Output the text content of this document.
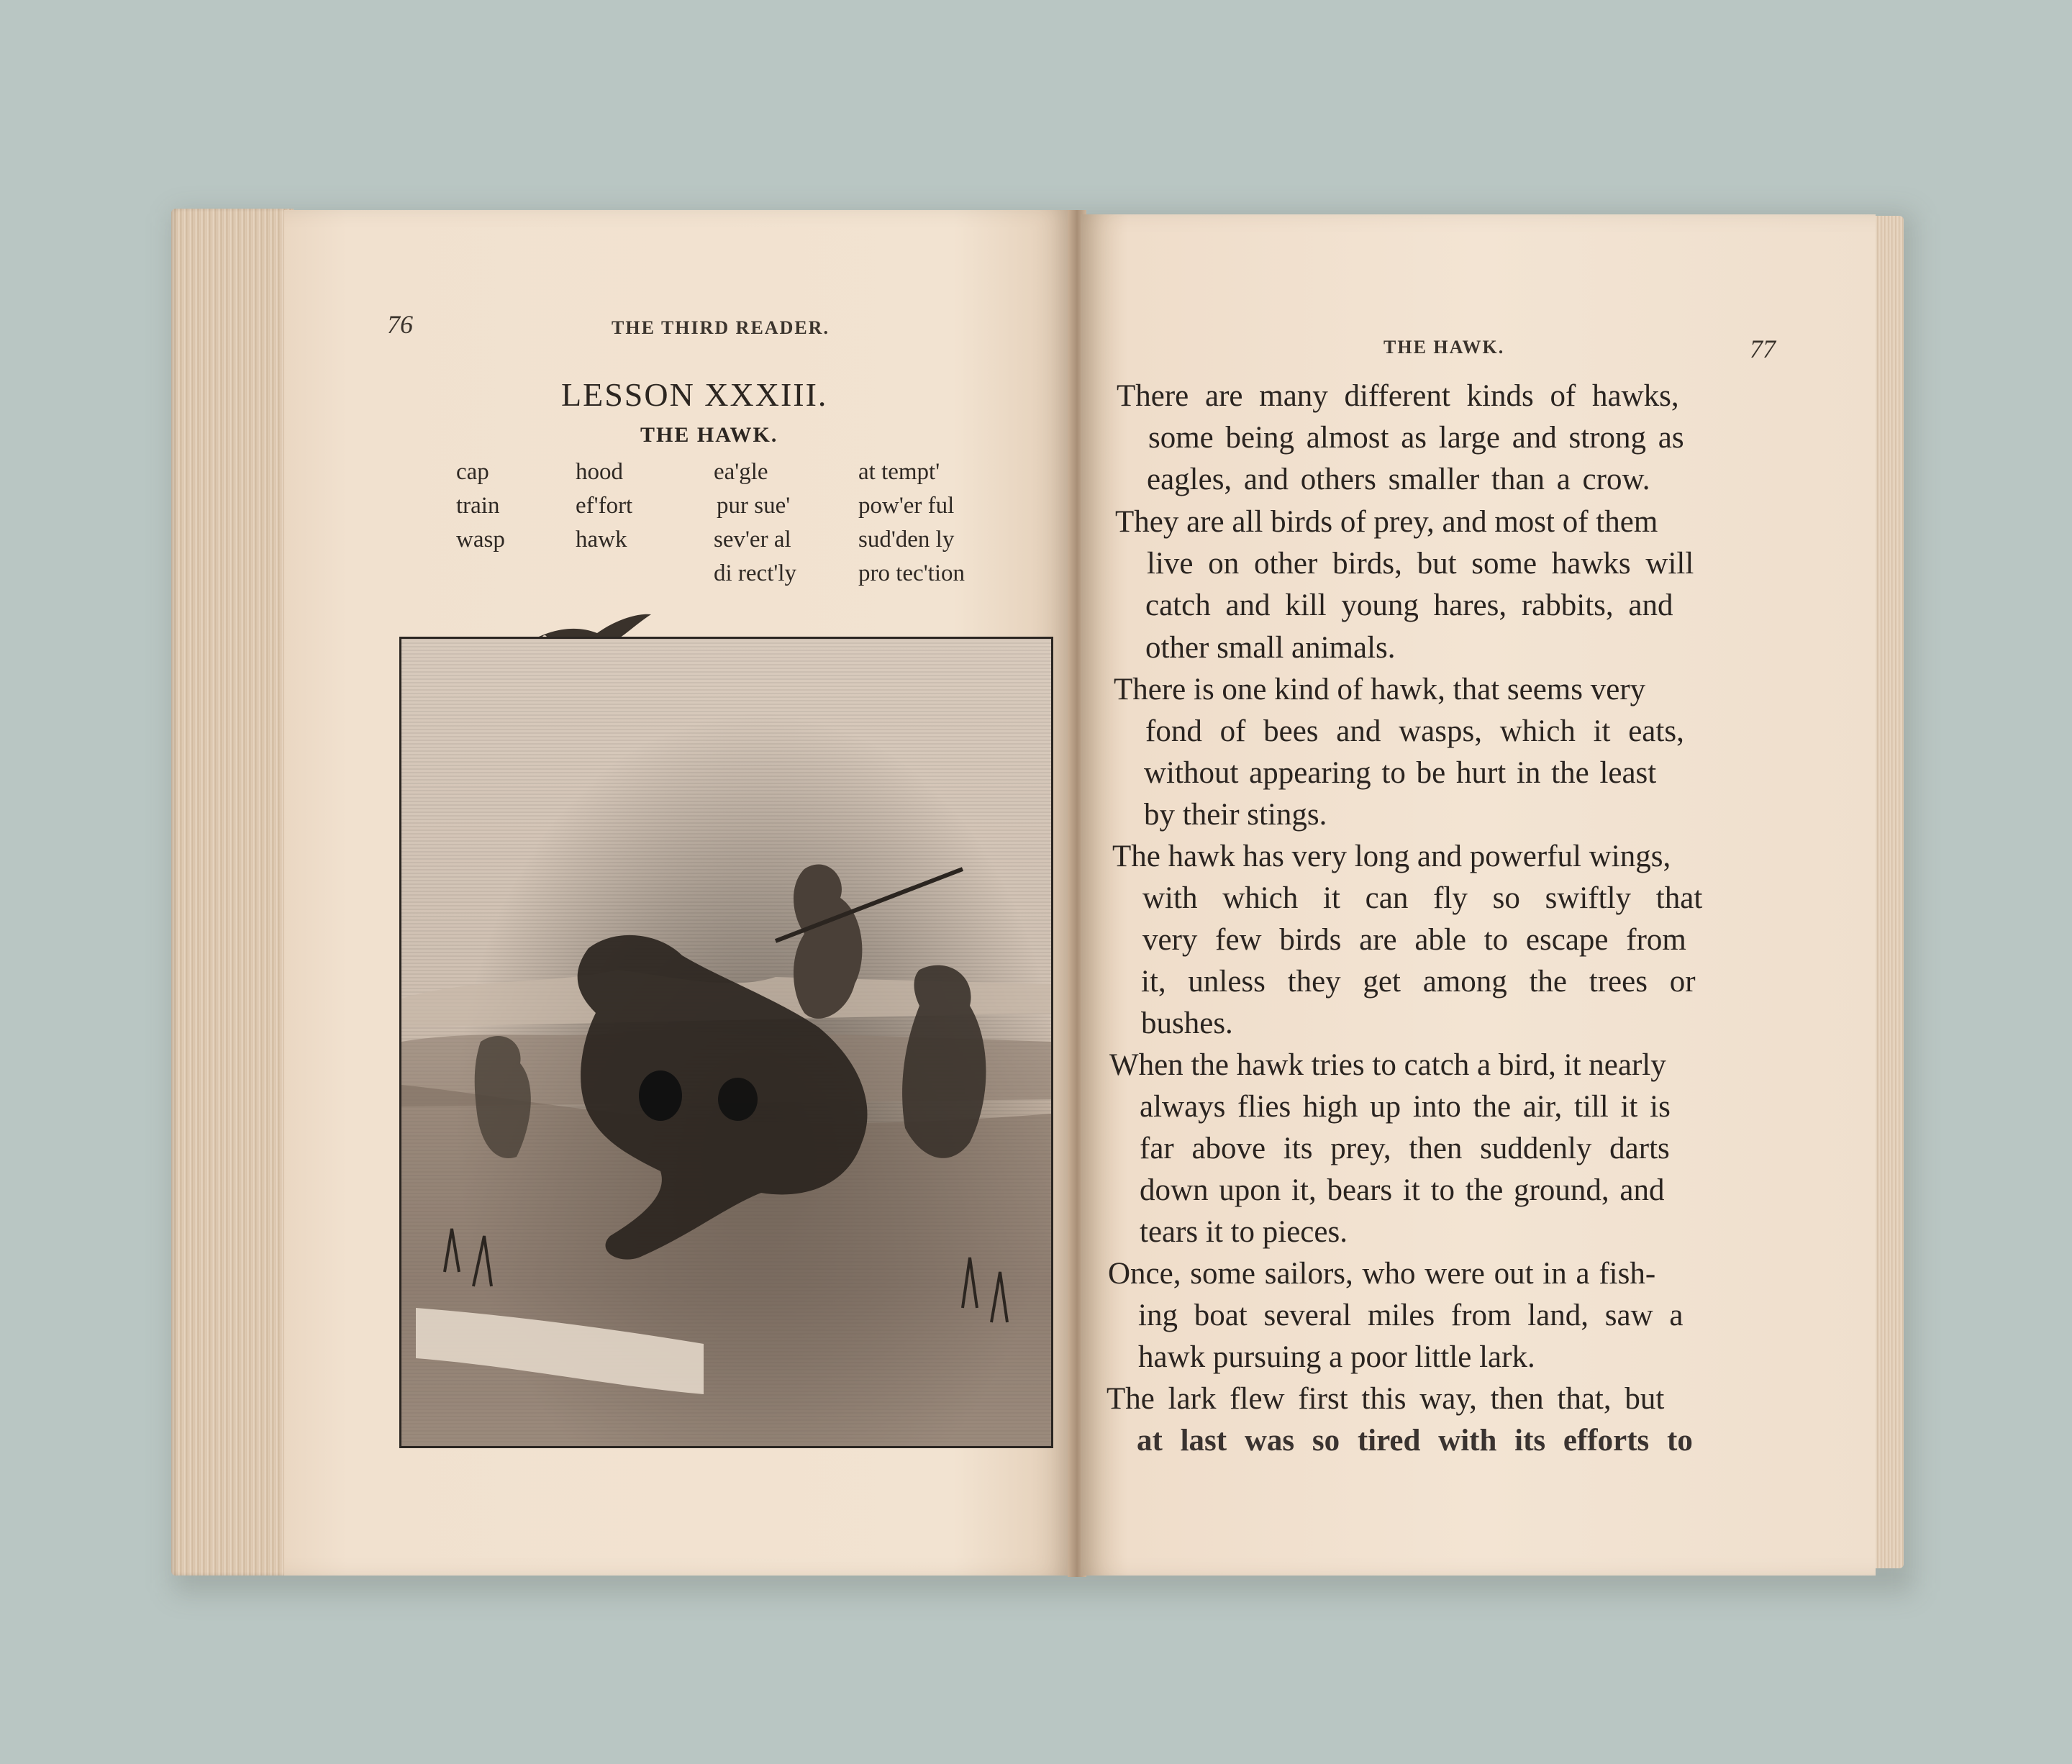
76	THE THIRD READER.
LESSON XXXIII.
THE HAWK.
cap
train
wasp
hood
ef'fort
hawk
ea'gle
pur sue'
sev'er al
di rect'ly
at tempt'
pow'er ful
sud'den ly
pro tec'tion
THE HAWK.	77
There are many different kinds of hawks,
some being almost as large and strong as
eagles, and others smaller than a crow.
They are all birds of prey, and most of them
live on other birds, but some hawks will
catch and kill young hares, rabbits, and
other small animals.
There is one kind of hawk, that seems very
fond of bees and wasps, which it eats,
without appearing to be hurt in the least
by their stings.
The hawk has very long and powerful wings,
with which it can fly so swiftly that
very few birds are able to escape from
it, unless they get among the trees or
bushes.
When the hawk tries to catch a bird, it nearly
always flies high up into the air, till it is
far above its prey, then suddenly darts
down upon it, bears it to the ground, and
tears it to pieces.
Once, some sailors, who were out in a fish-
ing boat several miles from land, saw a
hawk pursuing a poor little lark.
The lark flew first this way, then that, but
at last was so tired with its efforts to
